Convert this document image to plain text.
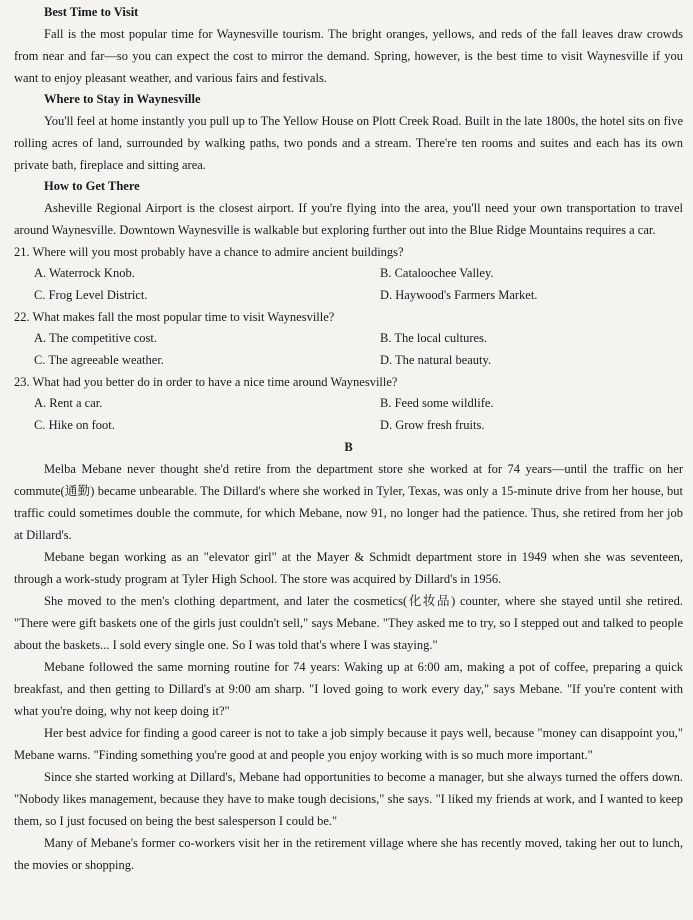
Best Time to Visit

Fall is the most popular time for Waynesville tourism. The bright oranges, yellows, and reds of the fall leaves draw crowds from near and far—so you can expect the cost to mirror the demand. Spring, however, is the best time to visit Waynesville if you want to enjoy pleasant weather, and various fairs and festivals.

Where to Stay in Waynesville

You'll feel at home instantly you pull up to The Yellow House on Plott Creek Road. Built in the late 1800s, the hotel sits on five rolling acres of land, surrounded by walking paths, two ponds and a stream. There're ten rooms and suites and each has its own private bath, fireplace and sitting area.

How to Get There

Asheville Regional Airport is the closest airport. If you're flying into the area, you'll need your own transportation to travel around Waynesville. Downtown Waynesville is walkable but exploring further out into the Blue Ridge Mountains requires a car.

21. Where will you most probably have a chance to admire ancient buildings?

A. Waterrock Knob.	B. Cataloochee Valley.
C. Frog Level District.	D. Haywood's Farmers Market.

22. What makes fall the most popular time to visit Waynesville?

A. The competitive cost.	B. The local cultures.
C. The agreeable weather.	D. The natural beauty.

23. What had you better do in order to have a nice time around Waynesville?

A. Rent a car.	B. Feed some wildlife.
C. Hike on foot.	D. Grow fresh fruits.
B

Melba Mebane never thought she'd retire from the department store she worked at for 74 years—until the traffic on her commute(通勤) became unbearable. The Dillard's where she worked in Tyler, Texas, was only a 15-minute drive from her house, but traffic could sometimes double the commute, for which Mebane, now 91, no longer had the patience. Thus, she retired from her job at Dillard's.

Mebane began working as an "elevator girl" at the Mayer & Schmidt department store in 1949 when she was seventeen, through a work-study program at Tyler High School. The store was acquired by Dillard's in 1956.

She moved to the men's clothing department, and later the cosmetics(化妆品) counter, where she stayed until she retired. "There were gift baskets one of the girls just couldn't sell," says Mebane. "They asked me to try, so I stepped out and talked to people about the baskets... I sold every single one. So I was told that's where I was staying."

Mebane followed the same morning routine for 74 years: Waking up at 6:00 am, making a pot of coffee, preparing a quick breakfast, and then getting to Dillard's at 9:00 am sharp. "I loved going to work every day," says Mebane. "If you're content with what you're doing, why not keep doing it?"

Her best advice for finding a good career is not to take a job simply because it pays well, because "money can disappoint you," Mebane warns. "Finding something you're good at and people you enjoy working with is so much more important."

Since she started working at Dillard's, Mebane had opportunities to become a manager, but she always turned the offers down. "Nobody likes management, because they have to make tough decisions," she says. "I liked my friends at work, and I wanted to keep them, so I just focused on being the best salesperson I could be."

Many of Mebane's former co-workers visit her in the retirement village where she has recently moved, taking her out to lunch, the movies or shopping.
